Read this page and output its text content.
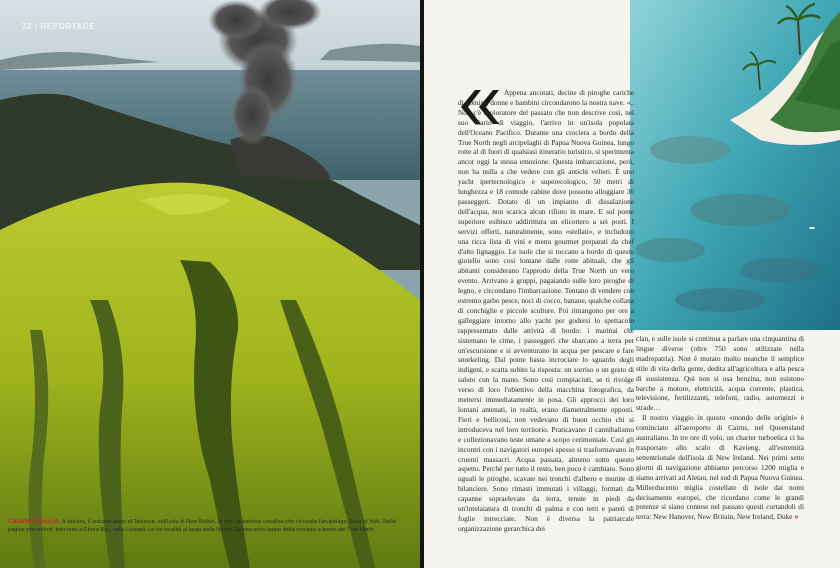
72 | REPORTAGE
Carattere focoso A sinistra, il vulcano attivo di Tavurvur, sull'isola di New Britain. In alto, la barriera corallina che circonda l'arcipelago Duke of York. Nelle pagine precedenti, tramonto a Ebora Bay, nelle Luisiadi. Le tre località al largo della Nuova Guinea sono tappe della crociera a bordo del True North.

Appena ancorati, decine di piroghe cariche di uomini, donne e bambini circondarono la nostra nave. «.. Non c'è esploratore del passato che non descrive così, nel suo diario di viaggio, l'arrivo in un'isola popolata dell'Oceano Pacifico. Durante una crociera a bordo della True North negli arcipelaghi di Papua Nuova Guinea, lungo rotte al di fuori di qualsiasi itinerario turistico, si sperimenta ancor oggi la stessa emozione. Questa imbarcazione, però, non ha nulla a che vedere con gli antichi velieri. È uno yacht ipertecnologico e superecologico, 50 metri di lunghezza e 18 comode cabine dove possono alloggiare 36 passeggeri. Dotato di un impianto di dissalazione dell'acqua, non scarica alcun rifiuto in mare. E sul ponte superiore esibisce addirittura un elicottero a sei posti. I servizi offerti, naturalmente, sono «stellati», e includono una ricca lista di vini e menu gourmet preparati da chef d'alto lignaggio. Le isole che si toccano a bordo di questo gioiello sono così lontane dalle rotte abituali, che gli abitanti considerano l'approdo della True North un vero evento. Arrivano a gruppi, pagaiando sulle loro piroghe di legno, e circondano l'imbarcazione. Tentano di vendere con estremo garbo pesce, noci di cocco, banane, qualche collana di conchiglie e piccole sculture. Poi rimangono per ore a galleggiare intorno allo yacht per godersi lo spettacolo rappresentato dalle attività di bordo: i marinai che sistemano le cime, i passeggeri che sbarcano a terra per un'escursione e si avventurano in acqua per pescare e fare snorkeling. Dal ponte basta incrociare lo sguardo degli indigeni, e scatta subito la risposta: un sorriso o un gesto di saluto con la mano. Sono così compiaciuti, se ti rivolge verso di loro l'obiettivo della macchina fotografica, da mettersi immediatamente in posa. Gli approcci dei loro lontani antenati, in realtà, erano diametralmente opposti. Fieri e bellicosi, non vedevano di buon occhio chi si introduceva nel loro territorio. Praticavano il cannibalismo e collezionavano teste umane a scopo cerimoniale. Così gli incontri con i navigatori europei spesso si trasformavano in cruenti massacri. Acqua passata, almeno sotto questo aspetto. Perché per tutto il resto, ben poco è cambiato. Sono uguali le piroghe, scavate nei tronchi d'albero e munite di bilanciere. Sono rimasti immutati i villaggi, formati da capanne sopraelevate da terra, tenute in piedi da un'intelaiatura di tronchi di palma e con tetti e pareti di foglie intrecciate. Non è diversa la patriarcale organizzazione gerarchica dei

clan, e sulle isole si continua a parlare una cinquantina di lingue diverse (oltre 750 sono utilizzate nella madrepatria). Non è mutato molto neanche il semplice stile di vita della gente, dedita all'agricoltura e alla pesca di sussistenza. Qui non si usa benzina, non esistono barche a motore, elettricità, acqua corrente, plastica, televisione, fertilizzanti, telefoni, radio, automezzi e strade…

Il nostro viaggio in questo «mondo delle origini» è cominciato all'aeroporto di Cairns, nel Queensland australiano. In tre ore di volo, un charter turboelica ci ha trasportato allo scalo di Kavieng, all'estremità settentrionale dell'isola di New Ireland. Nei primi sette giorni di navigazione abbiamo percorso 1200 miglia e siamo arrivati ad Aletau, nel sud di Papua Nuova Guinea. Millecducento miglia costellate di isole dai nomi decisamente europei, che ricordano come le grandi potenze si siano contese nel passato questi cortandoli di terra: New Hanover, New Britain, New Ireland, Duke »
